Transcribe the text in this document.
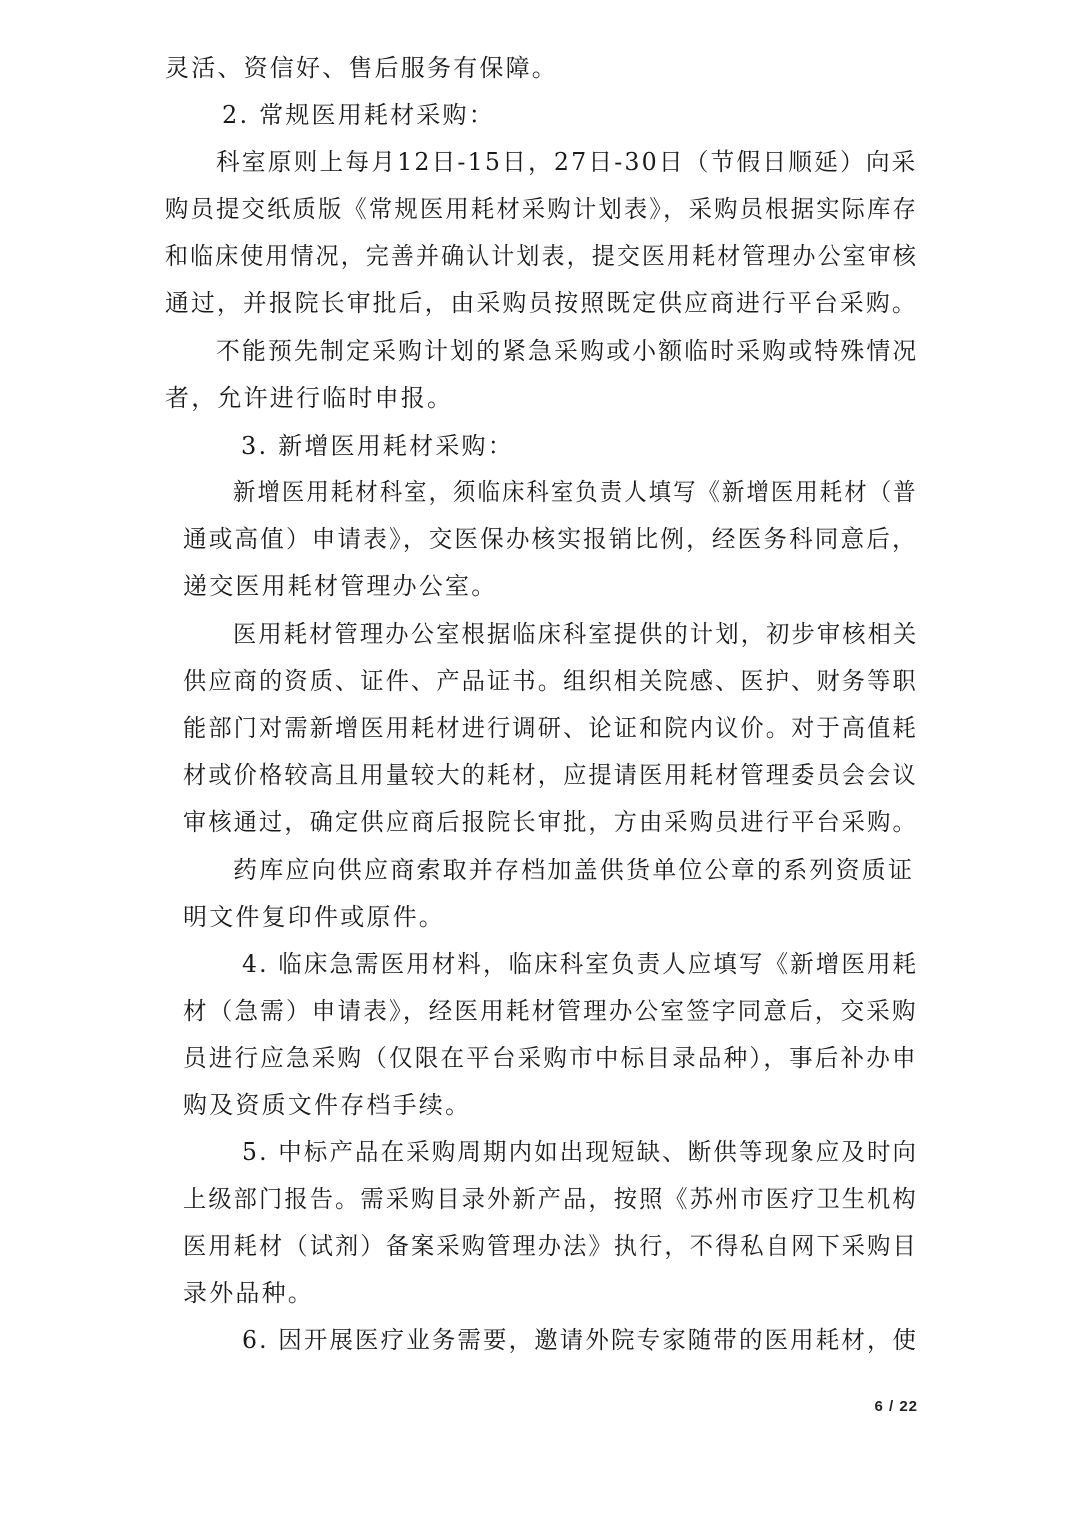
灵活、资信好、售后服务有保障。
2. 常规医用耗材采购：
科室原则上每月12日-15日，27日-30日（节假日顺延）向采
购员提交纸质版《常规医用耗材采购计划表》，采购员根据实际库存
和临床使用情况，完善并确认计划表，提交医用耗材管理办公室审核
通过，并报院长审批后，由采购员按照既定供应商进行平台采购。
不能预先制定采购计划的紧急采购或小额临时采购或特殊情况
者，允许进行临时申报。
3. 新增医用耗材采购：
新增医用耗材科室，须临床科室负责人填写《新增医用耗材（普
通或高值）申请表》，交医保办核实报销比例，经医务科同意后，
递交医用耗材管理办公室。
医用耗材管理办公室根据临床科室提供的计划，初步审核相关
供应商的资质、证件、产品证书。组织相关院感、医护、财务等职
能部门对需新增医用耗材进行调研、论证和院内议价。对于高值耗
材或价格较高且用量较大的耗材，应提请医用耗材管理委员会会议
审核通过，确定供应商后报院长审批，方由采购员进行平台采购。
药库应向供应商索取并存档加盖供货单位公章的系列资质证
明文件复印件或原件。
4. 临床急需医用材料，临床科室负责人应填写《新增医用耗
材（急需）申请表》，经医用耗材管理办公室签字同意后，交采购
员进行应急采购（仅限在平台采购市中标目录品种），事后补办申
购及资质文件存档手续。
5. 中标产品在采购周期内如出现短缺、断供等现象应及时向
上级部门报告。需采购目录外新产品，按照《苏州市医疗卫生机构
医用耗材（试剂）备案采购管理办法》执行，不得私自网下采购目
录外品种。
6. 因开展医疗业务需要，邀请外院专家随带的医用耗材，使
6 / 22
